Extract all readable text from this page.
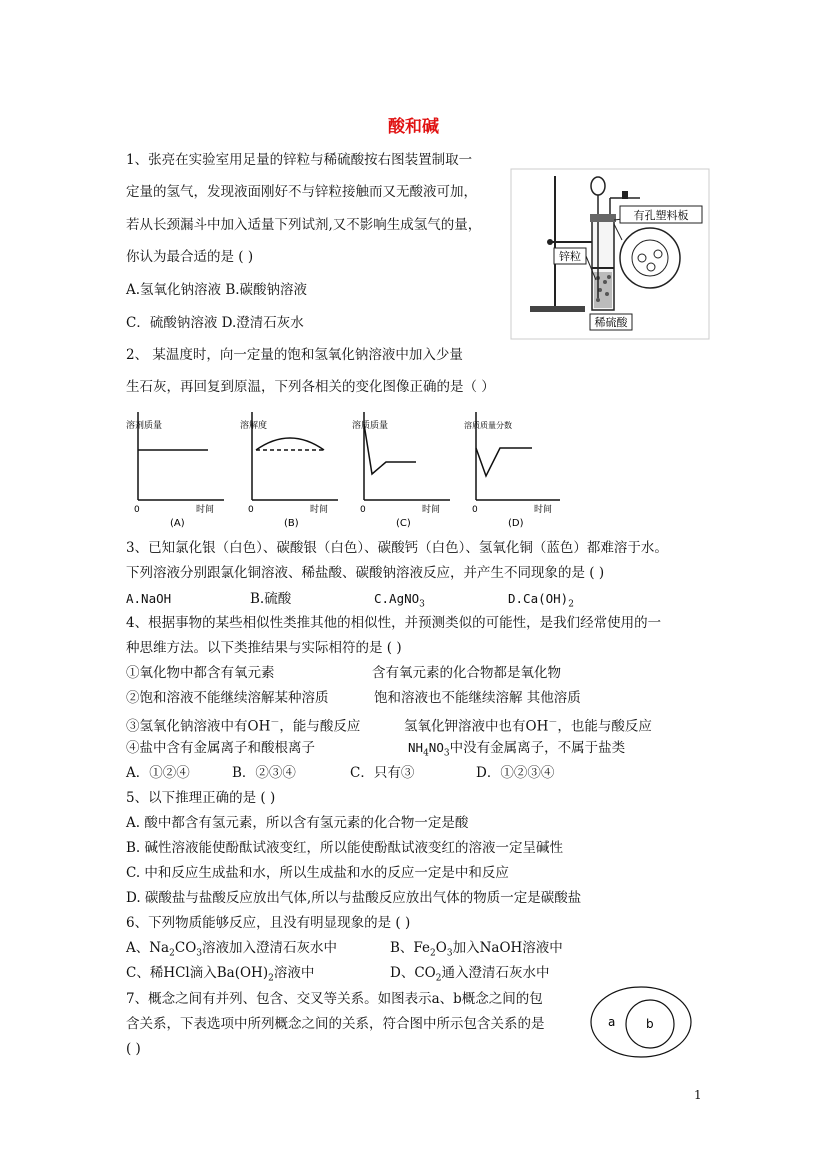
酸和碱
1、张亮在实验室用足量的锌粒与稀硫酸按右图装置制取一
定量的氢气，发现液面刚好不与锌粒接触而又无酸液可加，
若从长颈漏斗中加入适量下列试剂,又不影响生成氢气的量，
你认为最合适的是 ( )
A.氢氧化钠溶液 B.碳酸钠溶液
C．硫酸钠溶液 D.澄清石灰水
有孔塑料板
锌粒
稀硫酸
2、 某温度时，向一定量的饱和氢氧化钠溶液中加入少量
生石灰，再回复到原温，下列各相关的变化图像正确的是（ ）
溶剂质量
0	时间
(A)
溶解度
0	时间
(B)
溶质质量
0	时间
(C)
溶质质量分数
0	时间
(D)
3、已知氯化银（白色）、碳酸银（白色）、碳酸钙（白色）、氢氧化铜（蓝色）都难溶于水。
下列溶液分别跟氯化铜溶液、稀盐酸、碳酸钠溶液反应，并产生不同现象的是 ( )
A.NaOH	B.硫酸	C.AgNO$_3$	$D.Ca(OH)_2$
4、根据事物的某些相似性类推其他的相似性，并预测类似的可能性，是我们经常使用的一
种思维方法。以下类推结果与实际相符的是 ( )
①氧化物中都含有氧元素	含有氧元素的化合物都是氧化物
②饱和溶液不能继续溶解某种溶质	饱和溶液也不能继续溶解 其他溶质
③氢氧化钠溶液中有OH－，能与酸反应	氢氧化钾溶液中也有OH－，也能与酸反应
④盐中含有金属离子和酸根离子	$NH_4NO_3$中没有金属离子，不属于盐类
A．①②④	B．②③④	C．只有③	D．①②③④
5、以下推理正确的是 ( )
A. 酸中都含有氢元素，所以含有氢元素的化合物一定是酸
B. 碱性溶液能使酚酞试液变红，所以能使酚酞试液变红的溶液一定呈碱性
C. 中和反应生成盐和水，所以生成盐和水的反应一定是中和反应
D. 碳酸盐与盐酸反应放出气体,所以与盐酸反应放出气体的物质一定是碳酸盐
6、下列物质能够反应，且没有明显现象的是 ( )
A、$Na_2CO_3$溶液加入澄清石灰水中	B、$Fe_2O_3$加入NaOH溶液中
C、稀HCl滴入$Ba(OH)_2$溶液中	D、$CO_2$通入澄清石灰水中
7、概念之间有并列、包含、交叉等关系。如图表示a、b概念之间的包
含关系，下表选项中所列概念之间的关系，符合图中所示包含关系的是
( )
a	b
1
